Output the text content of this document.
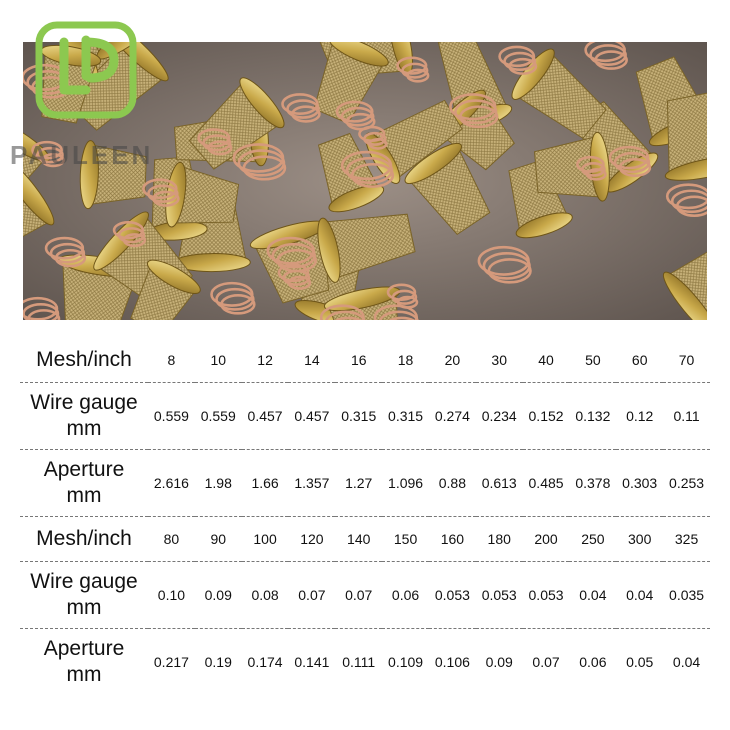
PAULEEN
Mesh/inch	8	10	12	14	16	18	20	30	40	50	60	70

Wire gauge
mm	0.559	0.559	0.457	0.457	0.315	0.315	0.274	0.234	0.152	0.132	0.12	0.11

Aperture
mm	2.616	1.98	1.66	1.357	1.27	1.096	0.88	0.613	0.485	0.378	0.303	0.253

Mesh/inch	80	90	100	120	140	150	160	180	200	250	300	325

Wire gauge
mm	0.10	0.09	0.08	0.07	0.07	0.06	0.053	0.053	0.053	0.04	0.04	0.035

Aperture
mm	0.217	0.19	0.174	0.141	0.111	0.109	0.106	0.09	0.07	0.06	0.05	0.04
